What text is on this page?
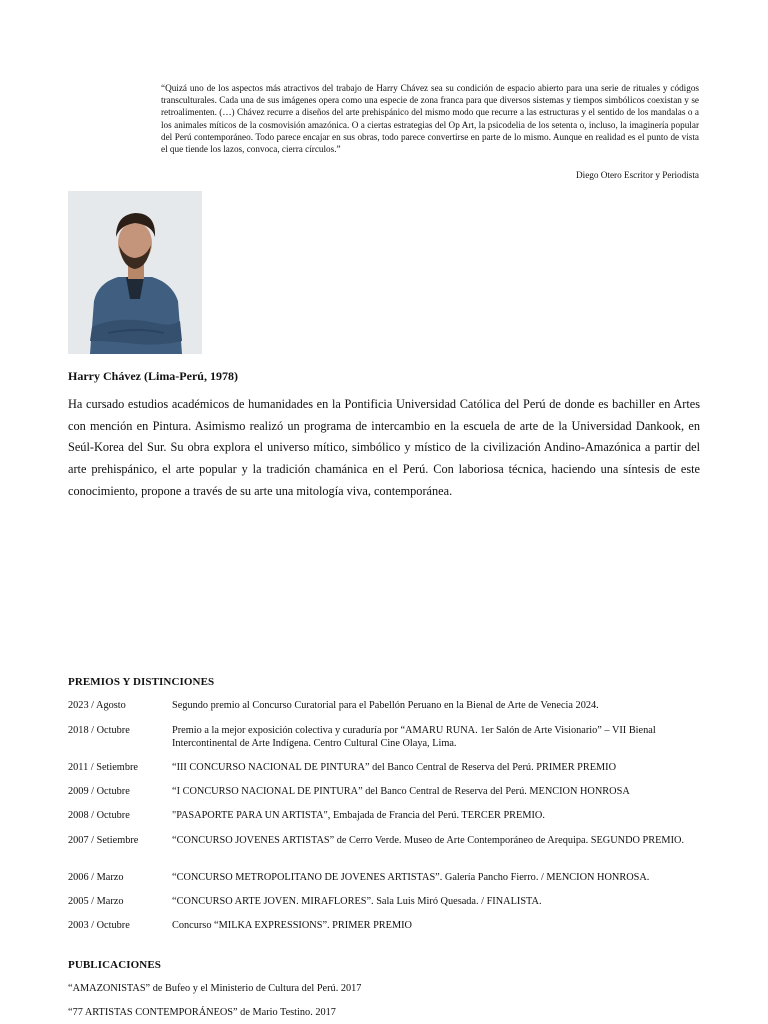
“Quizá uno de los aspectos más atractivos del trabajo de Harry Chávez sea su condición de espacio abierto para una serie de rituales y códigos transculturales. Cada una de sus imágenes opera como una especie de zona franca para que diversos sistemas y tiempos simbólicos coexistan y se retroalimenten. (…) Chávez recurre a diseños del arte prehispánico del mismo modo que recurre a las estructuras y el sentido de los mandalas o a los animales míticos de la cosmovisión amazónica. O a ciertas estrategias del Op Art, la psicodelia de los setenta o, incluso, la imaginería popular del Perú contemporáneo. Todo parece encajar en sus obras, todo parece convertirse en parte de lo mismo. Aunque en realidad es el punto de vista el que tiende los lazos, convoca, cierra círculos.”
Diego Otero Escritor y Periodista
Harry Chávez (Lima-Perú, 1978)
Ha cursado estudios académicos de humanidades en la Pontificia Universidad Católica del Perú de donde es bachiller en Artes con mención en Pintura. Asimismo realizó un programa de intercambio en la escuela de arte de la Universidad Dankook, en Seúl-Korea del Sur. Su obra explora el universo mítico, simbólico y místico de la civilización Andino-Amazónica a partir del arte prehispánico, el arte popular y la tradición chamánica en el Perú. Con laboriosa técnica, haciendo una síntesis de este conocimiento, propone a través de su arte una mitología viva, contemporánea.
PREMIOS Y DISTINCIONES
2023 / Agosto	Segundo premio al Concurso Curatorial para el Pabellón Peruano en la Bienal de Arte de Venecia 2024.
2018 / Octubre	Premio a la mejor exposición colectiva y curaduría por “AMARU RUNA. 1er Salón de Arte Visionario” – VII Bienal Intercontinental de Arte Indígena. Centro Cultural Cine Olaya, Lima.
2011 / Setiembre	“III CONCURSO NACIONAL DE PINTURA” del Banco Central de Reserva del Perú. PRIMER PREMIO
2009 / Octubre	“I CONCURSO NACIONAL DE PINTURA” del Banco Central de Reserva del Perú. MENCION HONROSA
2008 / Octubre	"PASAPORTE PARA UN ARTISTA", Embajada de Francia del Perú. TERCER PREMIO.
2007 / Setiembre	“CONCURSO JOVENES ARTISTAS” de Cerro Verde. Museo de Arte Contemporáneo de Arequipa. SEGUNDO PREMIO.
2006 / Marzo	“CONCURSO METROPOLITANO DE JOVENES ARTISTAS”. Galería Pancho Fierro. / MENCION HONROSA.
2005 / Marzo	“CONCURSO ARTE JOVEN. MIRAFLORES”. Sala Luis Miró Quesada. / FINALISTA.
2003 / Octubre	Concurso “MILKA EXPRESSIONS”. PRIMER PREMIO
PUBLICACIONES
“AMAZONISTAS” de Bufeo y el Ministerio de Cultura del Perú. 2017
“77 ARTISTAS CONTEMPORÁNEOS” de Mario Testino. 2017
